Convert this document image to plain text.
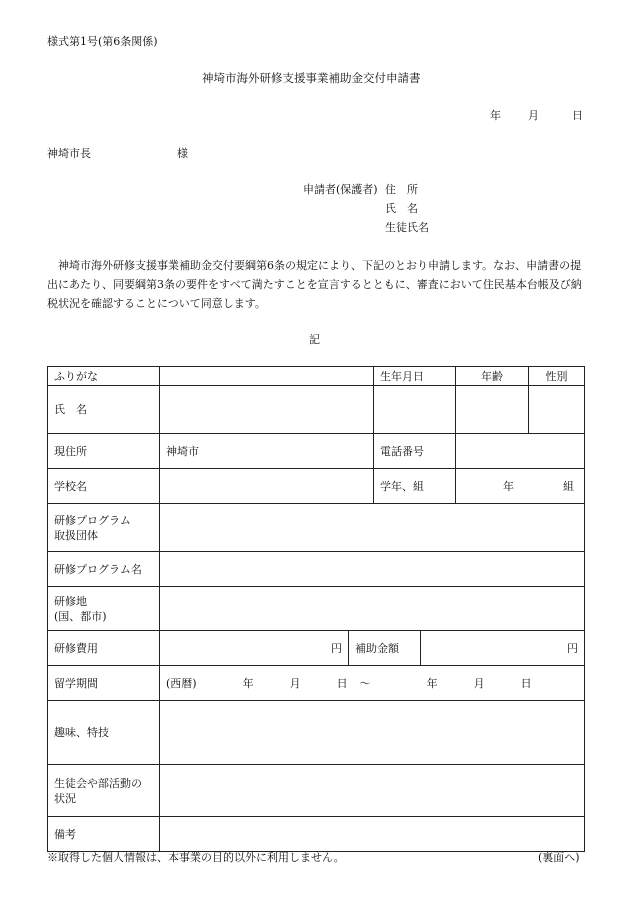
様式第1号(第6条関係)
神埼市海外研修支援事業補助金交付申請書
年 月	日
神埼市長	様
申請者(保護者) 住　所
氏　名
生徒氏名

神埼市海外研修支援事業補助金交付要綱第6条の規定により、下記のとおり申請します。なお、申請書の提出にあたり、同要綱第3条の要件をすべて満たすことを宣言するとともに、審査において住民基本台帳及び納税状況を確認することについて同意します。

記
ふりがな			生年月日		年齢	性別
氏　名						
現住所	神埼市		電話番号			
学校名			学年、組		年 組	
研修プログラム
取扱団体						
研修プログラム名						
研修地
(国、都市)						
研修費用	円	補助金額		円		
留学期間	(西暦) 年 月 日 ～ 年 月 日					
趣味、特技						
生徒会や部活動の
状況						
備考						
※取得した個人情報は、本事業の目的以外に利用しません。	(裏面へ)
